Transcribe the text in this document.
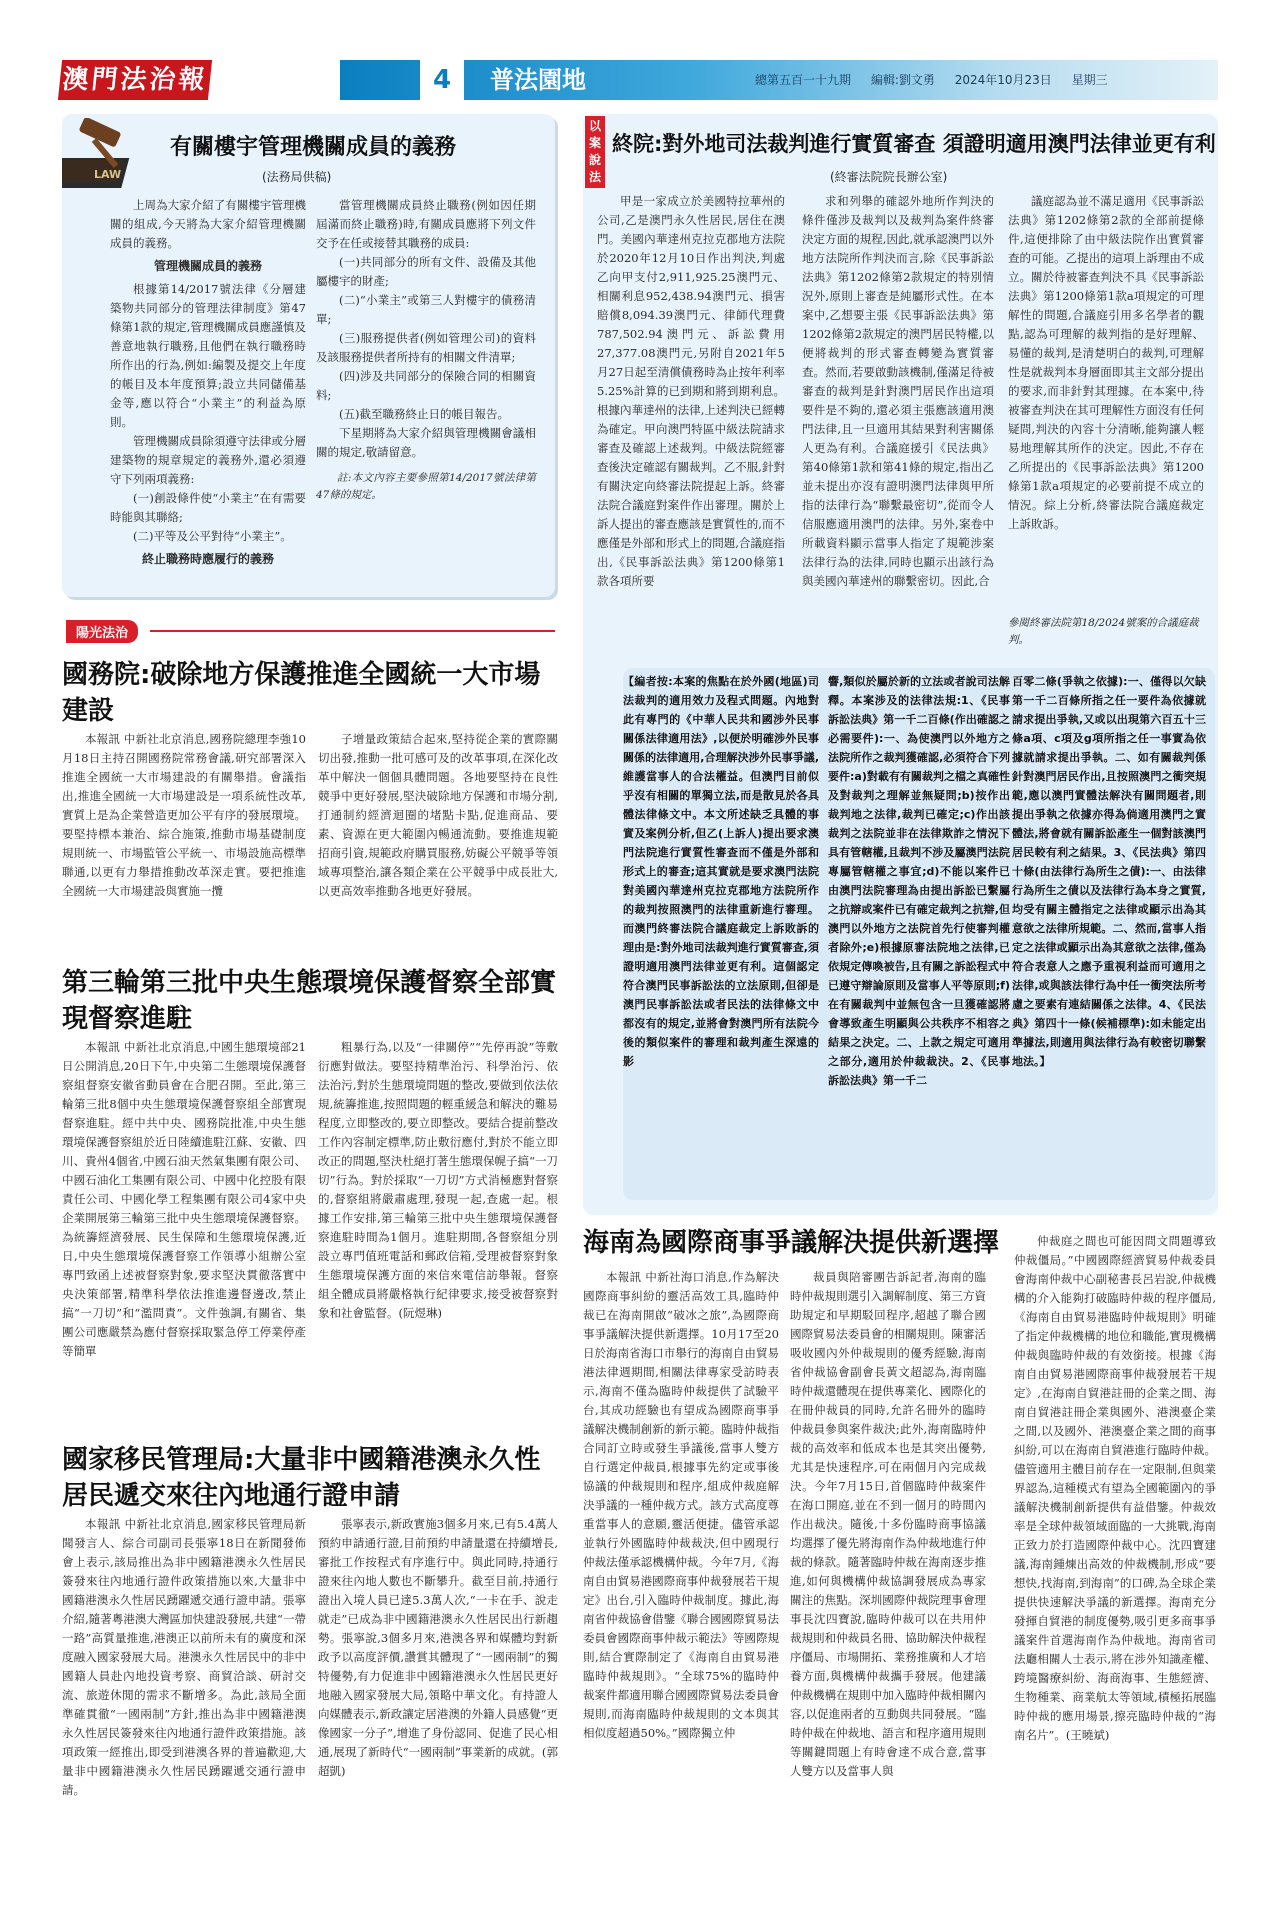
澳門法治報	4	普法園地	總第五百一十九期 編輯:劉文勇 2024年10月23日 星期三
LAW
有關樓宇管理機關成員的義務
(法務局供稿)

上周為大家介紹了有關樓宇管理機關的組成,今天將為大家介紹管理機關成員的義務。

管理機關成員的義務

根據第14/2017號法律《分層建築物共同部分的管理法律制度》第47條第1款的規定,管理機關成員應謹慎及善意地執行職務,且他們在執行職務時所作出的行為,例如:編製及提交上年度的帳目及本年度預算;設立共同儲備基金等,應以符合“小業主”的利益為原則。

管理機關成員除須遵守法律或分層建築物的規章規定的義務外,還必須遵守下列兩項義務:

(一)創設條件使“小業主”在有需要時能與其聯絡;

(二)平等及公平對待“小業主”。

終止職務時應履行的義務

當管理機關成員終止職務(例如因任期屆滿而終止職務)時,有關成員應將下列文件交予在任或接替其職務的成員:

(一)共同部分的所有文件、設備及其他屬樓宇的財產;

(二)“小業主”或第三人對樓宇的債務清單;

(三)服務提供者(例如管理公司)的資料及該服務提供者所持有的相關文件清單;

(四)涉及共同部分的保險合同的相關資料;

(五)截至職務終止日的帳目報告。

下星期將為大家介紹與管理機關會議相關的規定,敬請留意。

註:本文內容主要參照第14/2017號法律第47條的規定。

以案說法
終院:對外地司法裁判進行實質審查 須證明適用澳門法律並更有利
(終審法院院長辦公室)

甲是一家成立於美國特拉華州的公司,乙是澳門永久性居民,居住在澳門。美國內華達州克拉克郡地方法院於2020年12月10日作出判決,判處乙向甲支付2,911,925.25澳門元、相關利息952,438.94澳門元、損害賠償8,094.39澳門元、律師代理費787,502.94澳門元、訴訟費用27,377.08澳門元,另附自2021年5月27日起至清償債務時為止按年利率5.25%計算的已到期和將到期利息。根據內華達州的法律,上述判決已經轉為確定。甲向澳門特區中級法院請求審查及確認上述裁判。中級法院經審查後決定確認有關裁判。乙不服,針對有關決定向終審法院提起上訴。終審法院合議庭對案件作出審理。關於上訴人提出的審查應該是實質性的,而不應僅是外部和形式上的問題,合議庭指出,《民事訴訟法典》第1200條第1款各項所要

求和列舉的確認外地所作判決的條件僅涉及裁判以及裁判為案件終審決定方面的規程,因此,就承認澳門以外地方法院所作判決而言,除《民事訴訟法典》第1202條第2款規定的特別情況外,原則上審查是純屬形式性。在本案中,乙想要主張《民事訴訟法典》第1202條第2款規定的澳門居民特權,以便將裁判的形式審查轉變為實質審查。然而,若要啟動該機制,僅滿足待被審查的裁判是針對澳門居民作出這項要件是不夠的,還必須主張應該適用澳門法律,且一旦適用其結果對利害關係人更為有利。合議庭援引《民法典》第40條第1款和第41條的規定,指出乙並未提出亦沒有證明澳門法律與甲所指的法律行為“聯繫最密切”,從而令人信服應適用澳門的法律。另外,案卷中所載資料顯示當事人指定了規範涉案法律行為的法律,同時也顯示出該行為與美國內華達州的聯繫密切。因此,合

議庭認為並不滿足適用《民事訴訟法典》第1202條第2款的全部前提條件,這便排除了由中級法院作出實質審查的可能。乙提出的這項上訴理由不成立。關於待被審查判決不具《民事訴訟法典》第1200條第1款a項規定的可理解性的問題,合議庭引用多名學者的觀點,認為可理解的裁判指的是好理解、易懂的裁判,是清楚明白的裁判,可理解性是就裁判本身層面即其主文部分提出的要求,而非針對其理據。在本案中,待被審查判決在其可理解性方面沒有任何疑問,判決的內容十分清晰,能夠讓人輕易地理解其所作的決定。因此,不存在乙所提出的《民事訴訟法典》第1200條第1款a項規定的必要前提不成立的情況。綜上分析,終審法院合議庭裁定上訴敗訴。

參閱終審法院第18/2024號案的合議庭裁判。
【編者按:本案的焦點在於外國(地區)司法裁判的適用效力及程式問題。內地對此有專門的《中華人民共和國涉外民事關係法律適用法》,以便於明確涉外民事關係的法律適用,合理解決涉外民事爭議,維護當事人的合法權益。但澳門目前似乎沒有相關的單獨立法,而是散見於各具體法律條文中。本文所述缺乏具體的事實及案例分析,但乙(上訴人)提出要求澳門法院進行實質性審查而不僅是外部和形式上的審查;這其實就是要求澳門法院對美國內華達州克拉克郡地方法院所作的裁判按照澳門的法律重新進行審理。而澳門終審法院合議庭裁定上訴敗訴的理由是:對外地司法裁判進行實質審查,須證明適用澳門法律並更有利。這個認定符合澳門民事訴訟法的立法原則,但卻是澳門民事訴訟法或者民法的法律條文中都沒有的規定,並將會對澳門所有法院今後的類似案件的審理和裁判產生深遠的影
響,類似於屬於新的立法或者說司法解釋。本案涉及的法律法規:1、《民事訴訟法典》第一千二百條(作出確認之必需要件):一、為使澳門以外地方之法院所作之裁判獲確認,必須符合下列要件:a)對載有有關裁判之檔之真確性及對裁判之理解並無疑問;b)按作出裁判地之法律,裁判已確定;c)作出該裁判之法院並非在法律欺詐之情況下具有管轄權,且裁判不涉及屬澳門法院專屬管轄權之事宜;d)不能以案件已由澳門法院審理為由提出訴訟已繫屬之抗辯或案件已有確定裁判之抗辯,但澳門以外地方之法院首先行使審判權者除外;e)根據原審法院地之法律,已依規定傳喚被告,且有關之訴訟程式中已遵守辯論原則及當事人平等原則;f)在有關裁判中並無包含一旦獲確認將會導致產生明顯與公共秩序不相容之結果之決定。二、上款之規定可適用之部分,適用於仲裁裁決。2、《民事訴訟法典》第一千二
百零二條(爭執之依據):一、僅得以欠缺第一千二百條所指之任一要件為依據就請求提出爭執,又或以出現第六百五十三條a項、c項及g項所指之任一事實為依據就請求提出爭執。二、如有關裁判係針對澳門居民作出,且按照澳門之衝突規範,應以澳門實體法解決有關問題者,則提出爭執之依據亦得為倘適用澳門之實體法,將會就有關訴訟產生一個對該澳門居民較有利之結果。3、《民法典》第四十條(由法律行為所生之債):一、由法律行為所生之債以及法律行為本身之實質,均受有關主體指定之法律或顯示出為其意欲之法律所規範。二、然而,當事人指定之法律或顯示出為其意欲之法律,僅為符合表意人之應予重視利益而可適用之法律,或與該法律行為中任一衝突法所考慮之要素有連結關係之法律。4、《民法典》第四十一條(候補標準):如未能定出準據法,則適用與法律行為有較密切聯繫地法。】
陽光法治
國務院:破除地方保護推進全國統一大市場建設

本報訊 中新社北京消息,國務院總理李強10月18日主持召開國務院常務會議,研究部署深入推進全國統一大市場建設的有關舉措。會議指出,推進全國統一大市場建設是一項系統性改革,實質上是為企業營造更加公平有序的發展環境。要堅持標本兼治、綜合施策,推動市場基礎制度規則統一、市場監管公平統一、市場設施高標準聯通,以更有力舉措推動改革深走實。要把推進全國統一大市場建設與實施一攬

子增量政策結合起來,堅持從企業的實際關切出發,推動一批可感可及的改革事項,在深化改革中解決一個個具體問題。各地要堅持在良性競爭中更好發展,堅決破除地方保護和市場分割,打通制約經濟迴圈的堵點卡點,促進商品、要素、資源在更大範圍內暢通流動。要推進規範招商引資,規範政府購買服務,妨礙公平競爭等領域專項整治,讓各類企業在公平競爭中成長壯大,以更高效率推動各地更好發展。

第三輪第三批中央生態環境保護督察全部實現督察進駐

本報訊 中新社北京消息,中國生態環境部21日公開消息,20日下午,中央第二生態環境保護督察組督察安徽省動員會在合肥召開。至此,第三輪第三批8個中央生態環境保護督察組全部實現督察進駐。經中共中央、國務院批准,中央生態環境保護督察組於近日陸續進駐江蘇、安徽、四川、貴州4個省,中國石油天然氣集團有限公司、中國石油化工集團有限公司、中國中化控股有限責任公司、中國化學工程集團有限公司4家中央企業開展第三輪第三批中央生態環境保護督察。為統籌經濟發展、民生保障和生態環境保護,近日,中央生態環境保護督察工作領導小組辦公室專門致函上述被督察對象,要求堅決貫徹落實中央決策部署,精準科學依法推進邊督邊改,禁止搞“一刀切”和“濫問責”。文件強調,有關省、集團公司應嚴禁為應付督察採取緊急停工停業停產等簡單

粗暴行為,以及“一律關停”“先停再說”等敷衍應對做法。要堅持精準治污、科學治污、依法治污,對於生態環境問題的整改,要做到依法依規,統籌推進,按照問題的輕重緩急和解決的難易程度,立即整改的,要立即整改。要結合提前整改工作內容制定標準,防止敷衍應付,對於不能立即改正的問題,堅決杜絕打著生態環保幌子搞“一刀切”行為。對於採取“一刀切”方式消極應對督察的,督察組將嚴肅處理,發現一起,查處一起。根據工作安排,第三輪第三批中央生態環境保護督察進駐時間為1個月。進駐期間,各督察組分別設立專門值班電話和郵政信箱,受理被督察對象生態環境保護方面的來信來電信訪舉報。督察組全體成員將嚴格執行紀律要求,接受被督察對象和社會監督。(阮煜琳)

國家移民管理局:大量非中國籍港澳永久性居民遞交來往內地通行證申請

本報訊 中新社北京消息,國家移民管理局新聞發言人、綜合司副司長張寧18日在新聞發佈會上表示,該局推出為非中國籍港澳永久性居民簽發來往內地通行證件政策措施以來,大量非中國籍港澳永久性居民踴躍遞交通行證申請。張寧介紹,隨著粵港澳大灣區加快建設發展,共建“一帶一路”高質量推進,港澳正以前所未有的廣度和深度融入國家發展大局。港澳永久性居民中的非中國籍人員赴內地投資考察、商貿洽談、研討交流、旅遊休閒的需求不斷增多。為此,該局全面準確貫徹“一國兩制”方針,推出為非中國籍港澳永久性居民簽發來往內地通行證件政策措施。該項政策一經推出,即受到港澳各界的普遍歡迎,大量非中國籍港澳永久性居民踴躍遞交通行證申請。

張寧表示,新政實施3個多月來,已有5.4萬人預約申請通行證,目前預約申請量還在持續增長,審批工作按程式有序進行中。與此同時,持通行證來往內地人數也不斷攀升。截至目前,持通行證出入境人員已達5.3萬人次,“一卡在手、說走就走”已成為非中國籍港澳永久性居民出行新趨勢。張寧說,3個多月來,港澳各界和媒體均對新政予以高度評價,讚賞其體現了“一國兩制”的獨特優勢,有力促進非中國籍港澳永久性居民更好地融入國家發展大局,領略中華文化。有持證人向媒體表示,新政讓定居港澳的外籍人員感覺“更像國家一分子”,增進了身份認同、促進了民心相通,展現了新時代“一國兩制”事業新的成就。(郭超凱)

海南為國際商事爭議解決提供新選擇

本報訊 中新社海口消息,作為解決國際商事糾紛的靈活高效工具,臨時仲裁已在海南開啟“破冰之旅”,為國際商事爭議解決提供新選擇。10月17至20日於海南省海口市舉行的海南自由貿易港法律週期間,相關法律專家受訪時表示,海南不僅為臨時仲裁提供了試驗平台,其成功經驗也有望成為國際商事爭議解決機制創新的新示範。臨時仲裁指合同訂立時或發生爭議後,當事人雙方自行選定仲裁員,根據事先約定或事後協議的仲裁規則和程序,組成仲裁庭解決爭議的一種仲裁方式。該方式高度尊重當事人的意願,靈活便捷。儘管承認並執行外國臨時仲裁裁決,但中國現行仲裁法僅承認機構仲裁。今年7月,《海南自由貿易港國際商事仲裁發展若干規定》出台,引入臨時仲裁制度。據此,海南省仲裁協會借鑒《聯合國國際貿易法委員會國際商事仲裁示範法》等國際規則,結合實際制定了《海南自由貿易港臨時仲裁規則》。“全球75%的臨時仲裁案件都適用聯合國國際貿易法委員會規則,而海南臨時仲裁規則的文本與其相似度超過50%。”國際獨立仲

裁員與陪審團告訴記者,海南的臨時仲裁規則選引入調解制度、第三方資助規定和早期駁回程序,超越了聯合國國際貿易法委員會的相關規則。陳審活吸收國內外仲裁規則的優秀經驗,海南省仲裁協會副會長黃文超認為,海南臨時仲裁還體現在提供專業化、國際化的在冊仲裁員的同時,允許名冊外的臨時仲裁員參與案件裁決;此外,海南臨時仲裁的高效率和低成本也是其突出優勢,尤其是快速程序,可在兩個月內完成裁決。今年7月15日,首個臨時仲裁案件在海口開庭,並在不到一個月的時間內作出裁決。隨後,十多份臨時商事協議均選擇了優先將海南作為仲裁地進行仲裁的條款。隨著臨時仲裁在海南逐步推進,如何與機構仲裁協調發展成為專家關注的焦點。深圳國際仲裁院理事會理事長沈四寶說,臨時仲裁可以在共用仲裁規則和仲裁員名冊、協助解決仲裁程序僵局、市場開拓、業務推廣和人才培養方面,與機構仲裁攜手發展。他建議仲裁機構在規則中加入臨時仲裁相關內容,以促進兩者的互動與共同發展。“臨時仲裁在仲裁地、語言和程序適用規則等關鍵問題上有時會達不成合意,當事人雙方以及當事人與

仲裁庭之間也可能因問文問題導致仲裁僵局。”中國國際經濟貿易仲裁委員會海南仲裁中心副秘書長呂岩說,仲裁機構的介入能夠打破臨時仲裁的程序僵局,《海南自由貿易港臨時仲裁規則》明確了指定仲裁機構的地位和職能,實現機構仲裁與臨時仲裁的有效銜接。根據《海南自由貿易港國際商事仲裁發展若干規定》,在海南自貿港註冊的企業之間、海南自貿港註冊企業與國外、港澳臺企業之間,以及國外、港澳臺企業之間的商事糾紛,可以在海南自貿港進行臨時仲裁。儘管適用主體目前存在一定限制,但與業界認為,這種模式有望為全國範圍內的爭議解決機制創新提供有益借鑒。仲裁效率是全球仲裁領域面臨的一大挑戰,海南正致力於打造國際仲裁中心。沈四寶建議,海南鍾煉出高效的仲裁機制,形成“要想快,找海南,到海南”的口碑,為全球企業提供快速解決爭議的新選擇。海南充分發揮自貿港的制度優勢,吸引更多商事爭議案件首選海南作為仲裁地。海南省司法廳相關人士表示,將在涉外知識產權、跨境醫療糾紛、海商海事、生態經濟、生物種業、商業航太等領域,積極拓展臨時仲裁的應用場景,擦亮臨時仲裁的“海南名片”。(王曉斌)
